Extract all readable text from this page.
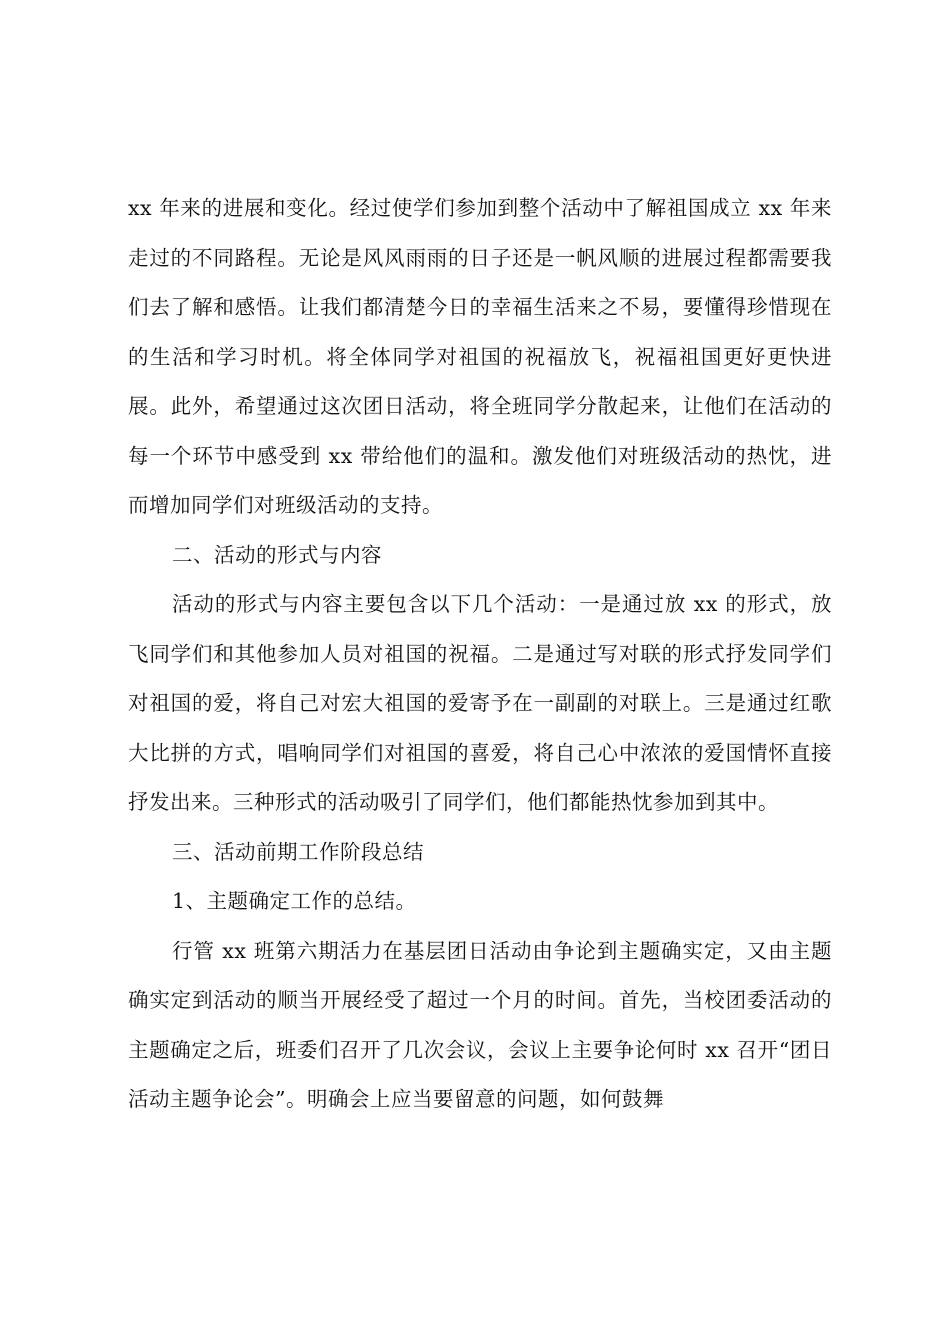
xx 年来的进展和变化。经过使学们参加到整个活动中了解祖国成立 xx 年来走过的不同路程。无论是风风雨雨的日子还是一帆风顺的进展过程都需要我们去了解和感悟。让我们都清楚今日的幸福生活来之不易，要懂得珍惜现在的生活和学习时机。将全体同学对祖国的祝福放飞，祝福祖国更好更快进展。此外，希望通过这次团日活动，将全班同学分散起来，让他们在活动的每一个环节中感受到 xx 带给他们的温和。激发他们对班级活动的热忱，进而增加同学们对班级活动的支持。

二、活动的形式与内容

活动的形式与内容主要包含以下几个活动：一是通过放 xx 的形式，放飞同学们和其他参加人员对祖国的祝福。二是通过写对联的形式抒发同学们对祖国的爱，将自己对宏大祖国的爱寄予在一副副的对联上。三是通过红歌大比拼的方式，唱响同学们对祖国的喜爱，将自己心中浓浓的爱国情怀直接抒发出来。三种形式的活动吸引了同学们，他们都能热忱参加到其中。

三、活动前期工作阶段总结

1、主题确定工作的总结。

行管 xx 班第六期活力在基层团日活动由争论到主题确实定，又由主题确实定到活动的顺当开展经受了超过一个月的时间。首先，当校团委活动的主题确定之后，班委们召开了几次会议，会议上主要争论何时 xx 召开“团日活动主题争论会”。明确会上应当要留意的问题，如何鼓舞
